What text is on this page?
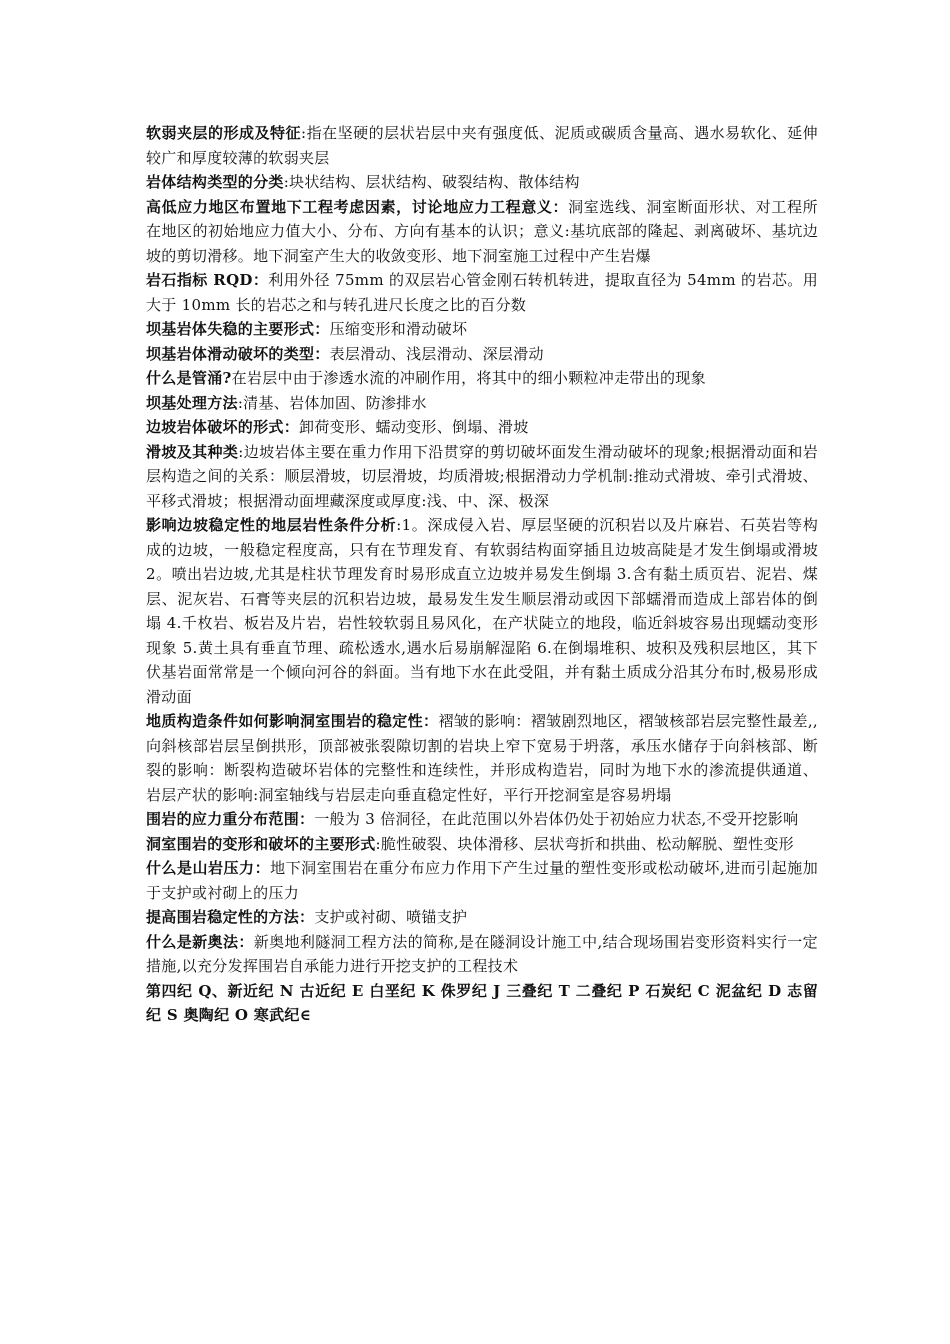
软弱夹层的形成及特征:指在坚硬的层状岩层中夹有强度低、泥质或碳质含量高、遇水易软化、延伸较广和厚度较薄的软弱夹层

岩体结构类型的分类:块状结构、层状结构、破裂结构、散体结构

高低应力地区布置地下工程考虑因素，讨论地应力工程意义：洞室选线、洞室断面形状、对工程所在地区的初始地应力值大小、分布、方向有基本的认识；意义:基坑底部的隆起、剥离破坏、基坑边坡的剪切滑移。地下洞室产生大的收敛变形、地下洞室施工过程中产生岩爆

岩石指标 RQD：利用外径 75mm 的双层岩心管金刚石转机转进，提取直径为 54mm 的岩芯。用大于 10mm 长的岩芯之和与转孔进尺长度之比的百分数

坝基岩体失稳的主要形式：压缩变形和滑动破坏

坝基岩体滑动破坏的类型：表层滑动、浅层滑动、深层滑动

什么是管涌?在岩层中由于渗透水流的冲刷作用，将其中的细小颗粒冲走带出的现象

坝基处理方法:清基、岩体加固、防渗排水

边坡岩体破坏的形式：卸荷变形、蠕动变形、倒塌、滑坡

滑坡及其种类:边坡岩体主要在重力作用下沿贯穿的剪切破坏面发生滑动破坏的现象;根据滑动面和岩层构造之间的关系：顺层滑坡，切层滑坡，均质滑坡;根据滑动力学机制:推动式滑坡、牵引式滑坡、平移式滑坡；根据滑动面埋藏深度或厚度:浅、中、深、极深

影响边坡稳定性的地层岩性条件分析:1。深成侵入岩、厚层坚硬的沉积岩以及片麻岩、石英岩等构成的边坡，一般稳定程度高，只有在节理发育、有软弱结构面穿插且边坡高陡是才发生倒塌或滑坡 2。喷出岩边坡,尤其是柱状节理发育时易形成直立边坡并易发生倒塌 3.含有黏土质页岩、泥岩、煤层、泥灰岩、石膏等夹层的沉积岩边坡，最易发生发生顺层滑动或因下部蠕滑而造成上部岩体的倒塌 4.千枚岩、板岩及片岩，岩性较软弱且易风化，在产状陡立的地段，临近斜坡容易出现蠕动变形现象 5.黄土具有垂直节理、疏松透水,遇水后易崩解湿陷 6.在倒塌堆积、坡积及残积层地区，其下伏基岩面常常是一个倾向河谷的斜面。当有地下水在此受阻，并有黏土质成分沿其分布时,极易形成滑动面

地质构造条件如何影响洞室围岩的稳定性：褶皱的影响：褶皱剧烈地区，褶皱核部岩层完整性最差,,向斜核部岩层呈倒拱形，顶部被张裂隙切割的岩块上窄下宽易于坍落，承压水储存于向斜核部、断裂的影响：断裂构造破坏岩体的完整性和连续性，并形成构造岩，同时为地下水的渗流提供通道、岩层产状的影响:洞室轴线与岩层走向垂直稳定性好，平行开挖洞室是容易坍塌

围岩的应力重分布范围：一般为 3 倍洞径，在此范围以外岩体仍处于初始应力状态,不受开挖影响

洞室围岩的变形和破坏的主要形式:脆性破裂、块体滑移、层状弯折和拱曲、松动解脱、塑性变形

什么是山岩压力：地下洞室围岩在重分布应力作用下产生过量的塑性变形或松动破坏,进而引起施加于支护或衬砌上的压力

提高围岩稳定性的方法：支护或衬砌、喷锚支护

什么是新奥法：新奥地利隧洞工程方法的简称,是在隧洞设计施工中,结合现场围岩变形资料实行一定措施,以充分发挥围岩自承能力进行开挖支护的工程技术

第四纪 Q、新近纪 N 古近纪 E 白垩纪 K 侏罗纪 J 三叠纪 T 二叠纪 P 石炭纪 C 泥盆纪 D 志留纪 S 奥陶纪 O 寒武纪∈
